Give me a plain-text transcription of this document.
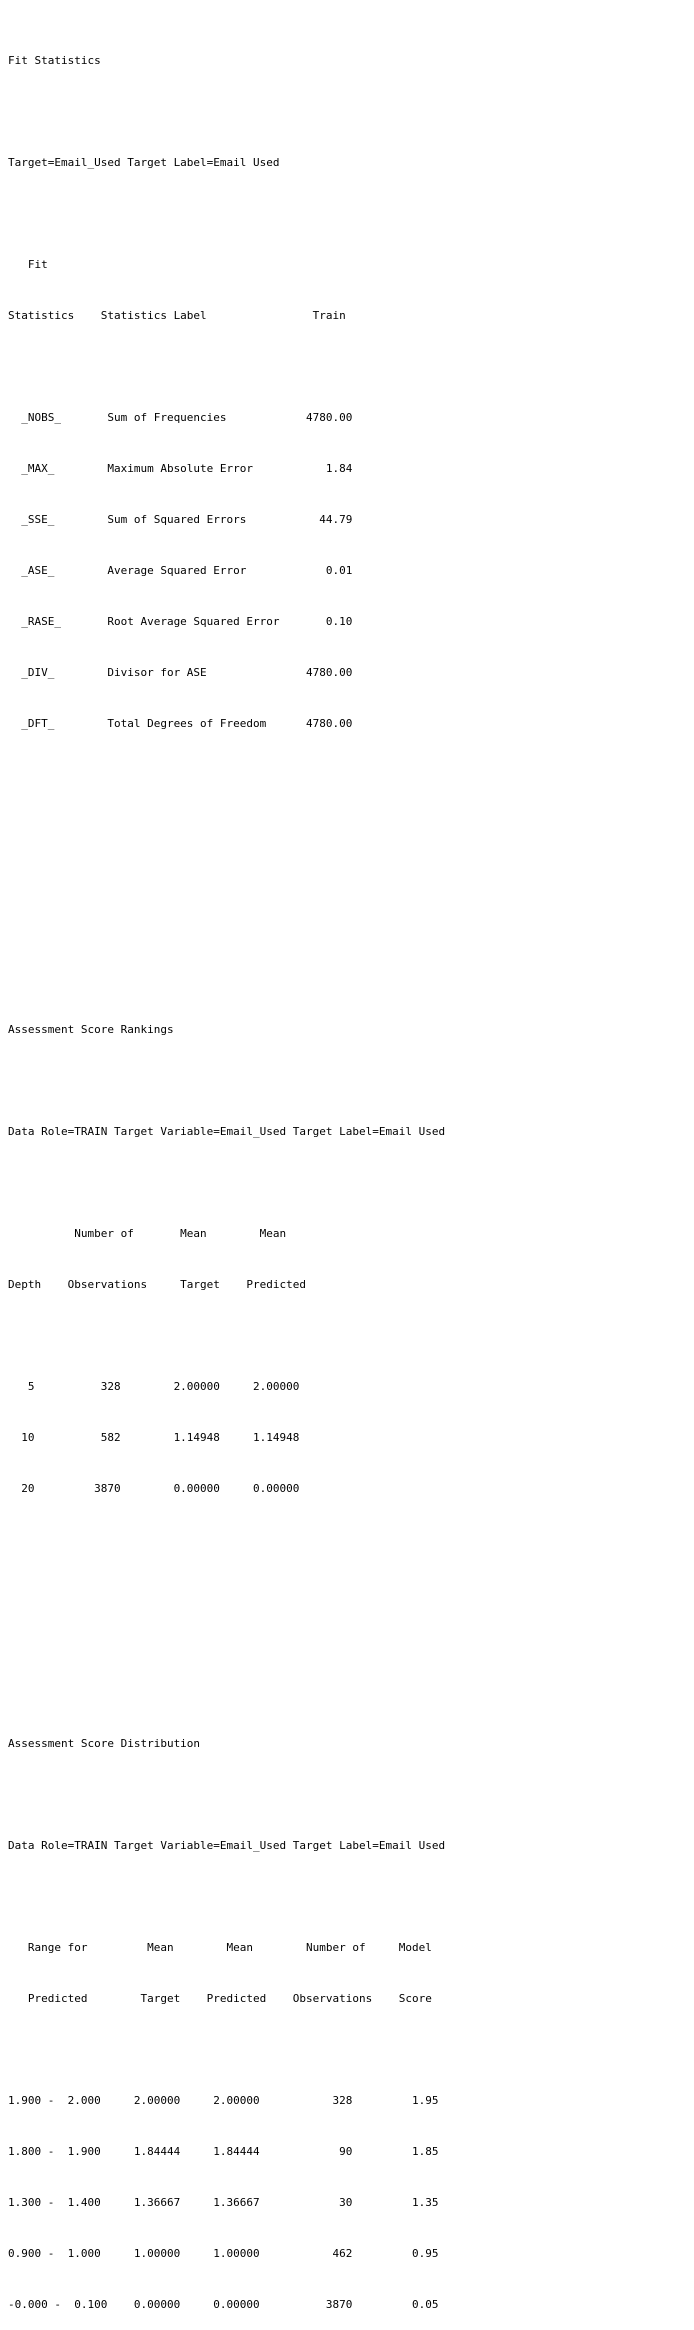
Fit Statistics

Target=Email_Used Target Label=Email Used

Fit

Statistics    Statistics Label                Train

_NOBS_       Sum of Frequencies            4780.00

_MAX_        Maximum Absolute Error           1.84

_SSE_        Sum of Squared Errors           44.79

_ASE_        Average Squared Error            0.01

_RASE_       Root Average Squared Error       0.10

_DIV_        Divisor for ASE               4780.00

_DFT_        Total Degrees of Freedom      4780.00

Assessment Score Rankings

Data Role=TRAIN Target Variable=Email_Used Target Label=Email Used

Number of       Mean        Mean

Depth    Observations     Target    Predicted

5          328        2.00000     2.00000

10          582        1.14948     1.14948

20         3870        0.00000     0.00000

Assessment Score Distribution

Data Role=TRAIN Target Variable=Email_Used Target Label=Email Used

Range for         Mean        Mean        Number of     Model

Predicted        Target    Predicted    Observations    Score

1.900 -  2.000     2.00000     2.00000           328         1.95

1.800 -  1.900     1.84444     1.84444            90         1.85

1.300 -  1.400     1.36667     1.36667            30         1.35

0.900 -  1.000     1.00000     1.00000           462         0.95

-0.000 -  0.100    0.00000     0.00000          3870         0.05
